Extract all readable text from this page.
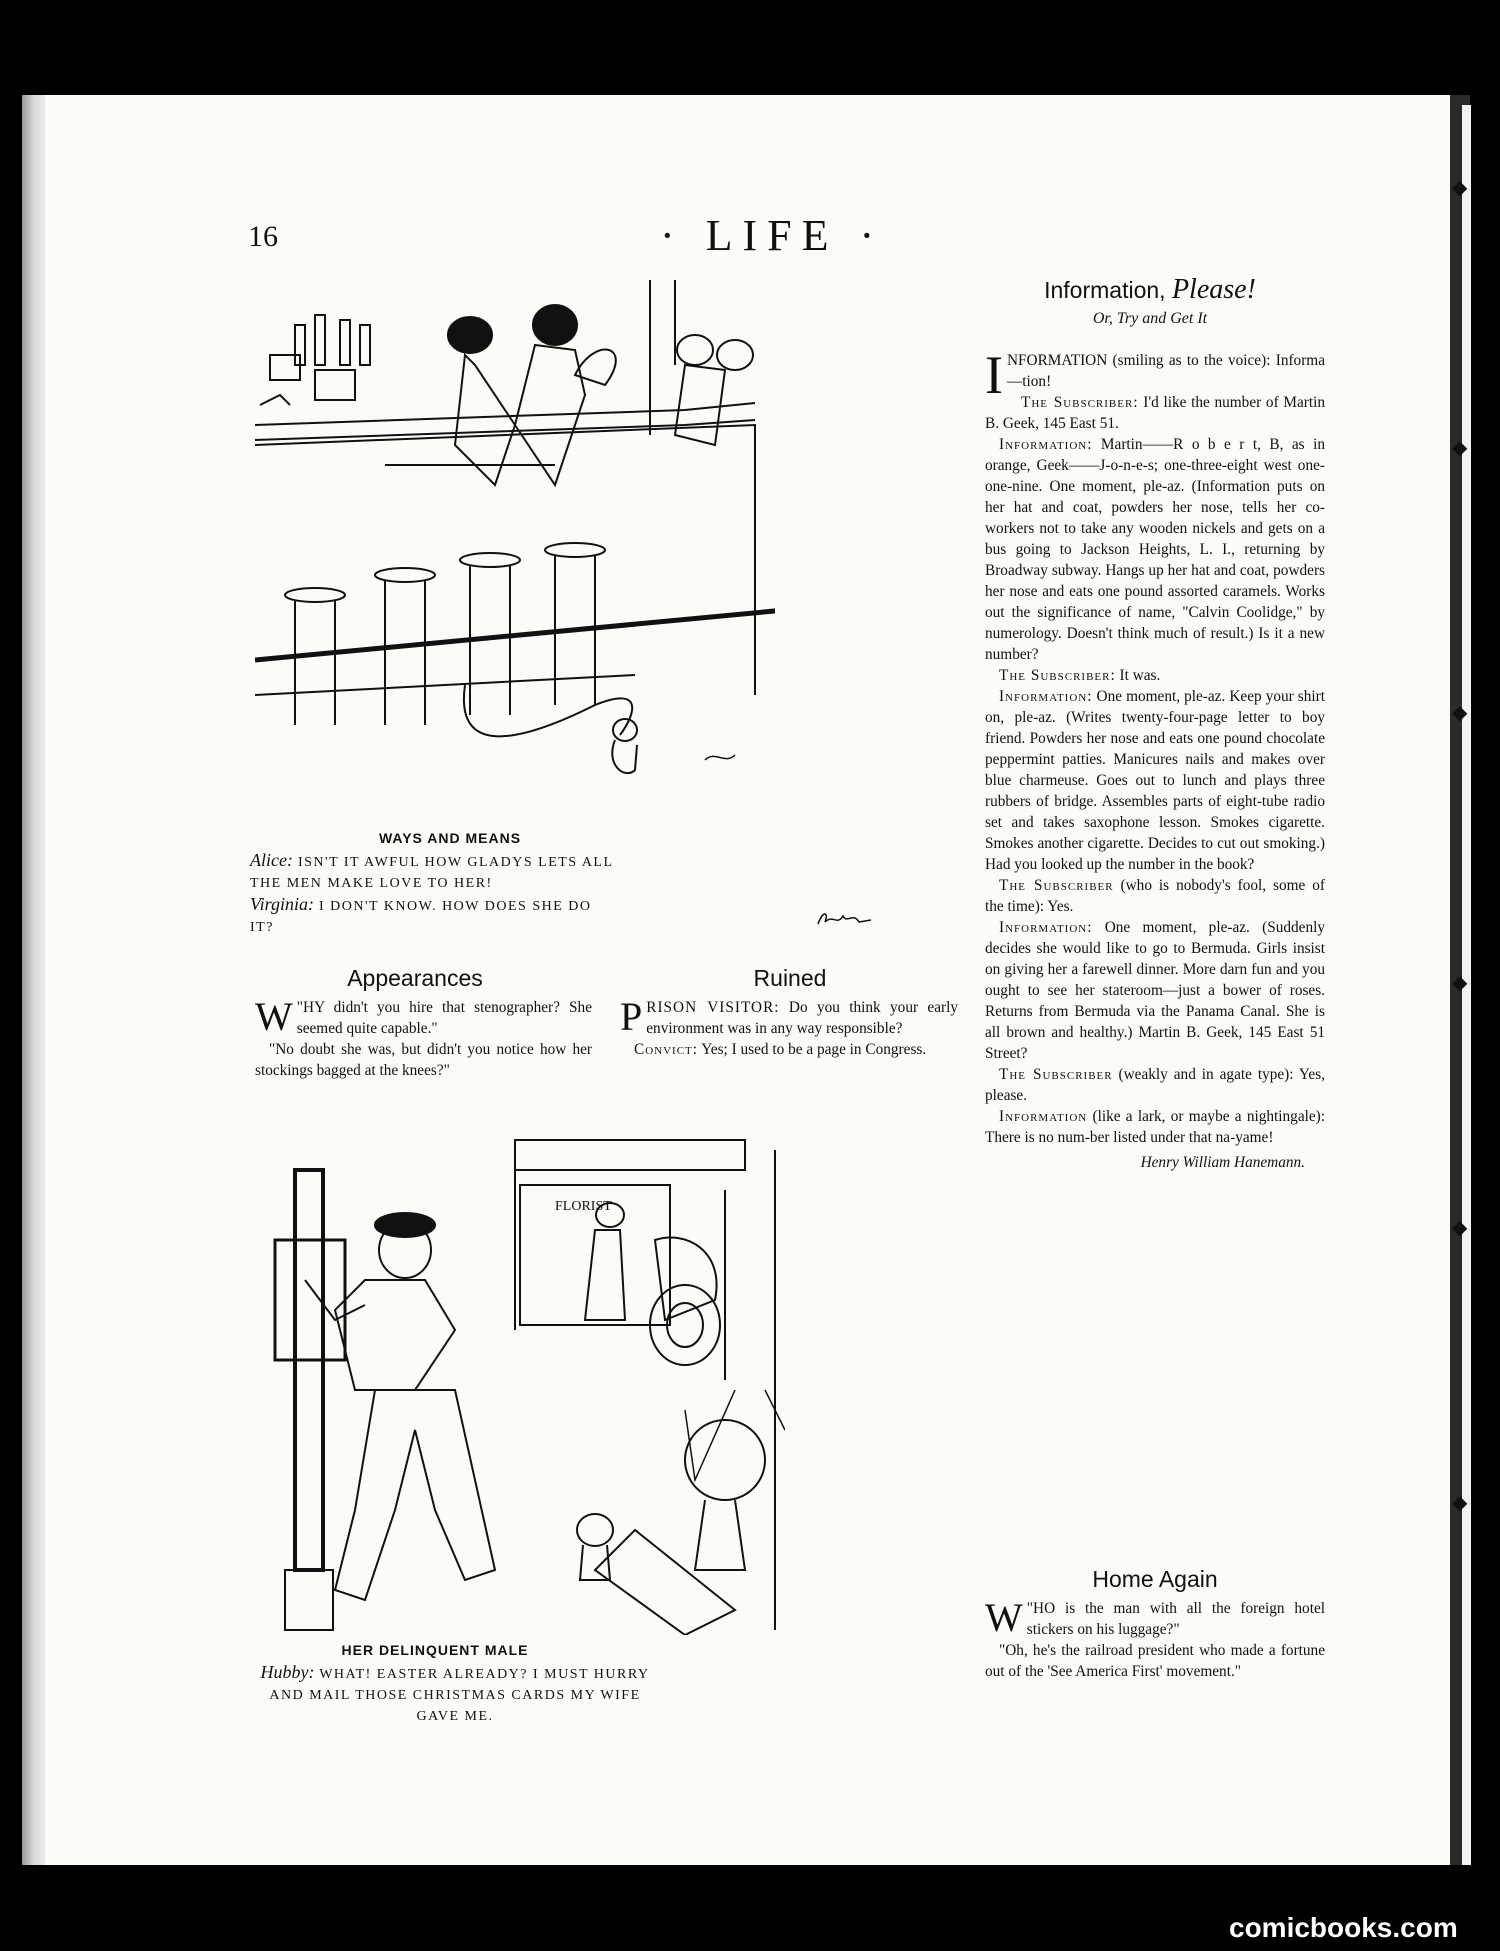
◆
◆
◆
◆
◆
◆
16	· LIFE ·
WAYS AND MEANS
Alice: ISN'T IT AWFUL HOW GLADYS LETS ALL THE MEN MAKE LOVE TO HER!
Virginia: I DON'T KNOW. HOW DOES SHE DO IT?
Appearances

"
W HY didn't you hire that stenographer? She seemed quite capable."

"No doubt she was, but didn't you notice how her stockings bagged at the knees?"

Ruined

PRISON VISITOR: Do you think your early environment was in any way responsible?

Convict: Yes; I used to be a page in Congress.

FLORIST
HER DELINQUENT MALE
Hubby: WHAT! EASTER ALREADY? I MUST HURRY AND MAIL THOSE CHRISTMAS CARDS MY WIFE GAVE ME.
Information, Please!
Or, Try and Get It

INFORMATION (smiling as to the voice): Informa—tion!

The Subscriber: I'd like the number of Martin B. Geek, 145 East 51.

Information: Martin——R o b e r t, B, as in orange, Geek——J-o-n-e-s; one-three-eight west one-one-nine. One moment, ple-az. (Information puts on her hat and coat, powders her nose, tells her co-workers not to take any wooden nickels and gets on a bus going to Jackson Heights, L. I., returning by Broadway subway. Hangs up her hat and coat, powders her nose and eats one pound assorted caramels. Works out the significance of name, "Calvin Coolidge," by numerology. Doesn't think much of result.) Is it a new number?

The Subscriber: It was.

Information: One moment, ple-az. Keep your shirt on, ple-az. (Writes twenty-four-page letter to boy friend. Powders her nose and eats one pound chocolate peppermint patties. Manicures nails and makes over blue charmeuse. Goes out to lunch and plays three rubbers of bridge. Assembles parts of eight-tube radio set and takes saxophone lesson. Smokes cigarette. Smokes another cigarette. Decides to cut out smoking.) Had you looked up the number in the book?

The Subscriber (who is nobody's fool, some of the time): Yes.

Information: One moment, ple-az. (Suddenly decides she would like to go to Bermuda. Girls insist on giving her a farewell dinner. More darn fun and you ought to see her stateroom—just a bower of roses. Returns from Bermuda via the Panama Canal. She is all brown and healthy.) Martin B. Geek, 145 East 51 Street?

The Subscriber (weakly and in agate type): Yes, please.

Information (like a lark, or maybe a nightingale): There is no num-ber listed under that na-yame!

Henry William Hanemann.
Home Again

"
W HO is the man with all the foreign hotel stickers on his luggage?"

"Oh, he's the railroad president who made a fortune out of the 'See America First' movement."

comicbooks.com
